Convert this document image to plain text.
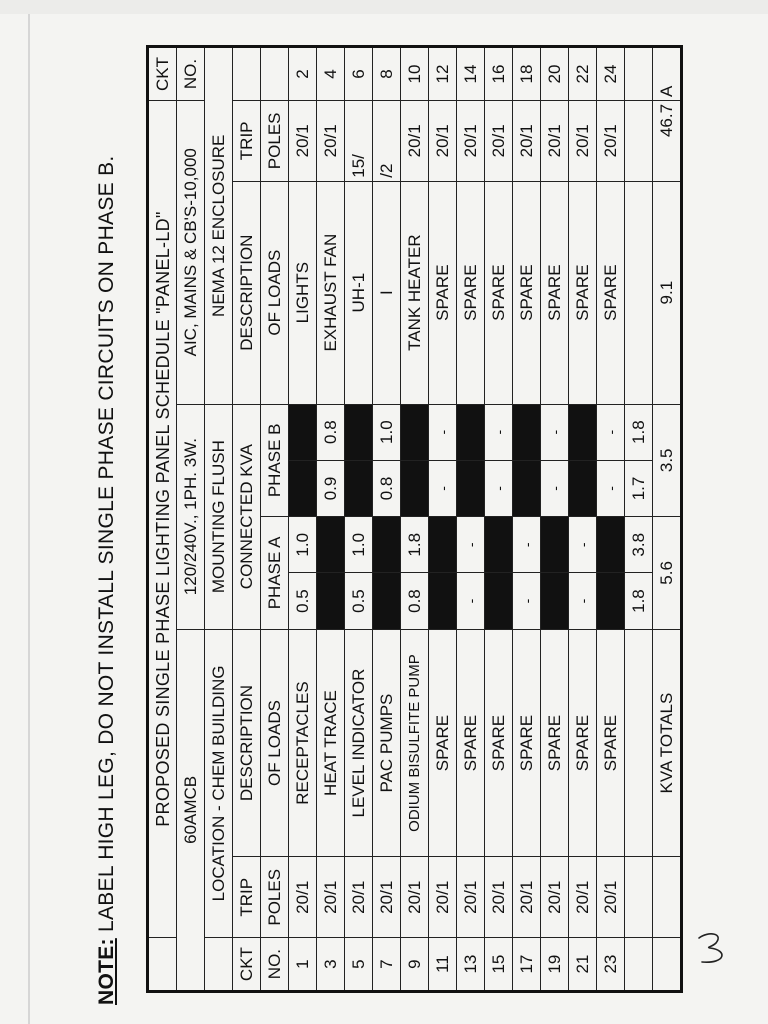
NOTE: LABEL HIGH LEG, DO NOT INSTALL SINGLE PHASE CIRCUITS ON PHASE B.
		PROPOSED SINGLE PHASE LIGHTING PANEL SCHEDULE "PANEL-LD"								CKT
60AMCB			120/240V., 1PH. 3W.				AIC, MAINS & CB'S-10,000		NO.
	LOCATION - CHEM BUILDING		MOUNTING FLUSH				NEMA 12 ENCLOSURE		
CKT	TRIP	DESCRIPTION	CONNECTED KVA				DESCRIPTION	TRIP	
NO.	POLES	OF LOADS	PHASE A		PHASE B		OF LOADS	POLES	
1	20/1	RECEPTACLES	0.5	1.0			LIGHTS	20/1	2
3	20/1	HEAT TRACE			0.9	0.8	EXHAUST FAN	20/1	4
5	20/1	LEVEL INDICATOR	0.5	1.0			UH-1	15/	6
7	20/1	PAC PUMPS			0.8	1.0	I	/2	8
9	20/1	ODIUM BISULFITE PUMP	0.8	1.8			TANK HEATER	20/1	10
11	20/1	SPARE			-	-	SPARE	20/1	12
13	20/1	SPARE	-	-			SPARE	20/1	14
15	20/1	SPARE			-	-	SPARE	20/1	16
17	20/1	SPARE	-	-			SPARE	20/1	18
19	20/1	SPARE			-	-	SPARE	20/1	20
21	20/1	SPARE	-	-			SPARE	20/1	22
23	20/1	SPARE			-	-	SPARE	20/1	24
			1.8	3.8	1.7	1.8			
		KVA TOTALS	5.6		3.5		9.1	46.7	A
